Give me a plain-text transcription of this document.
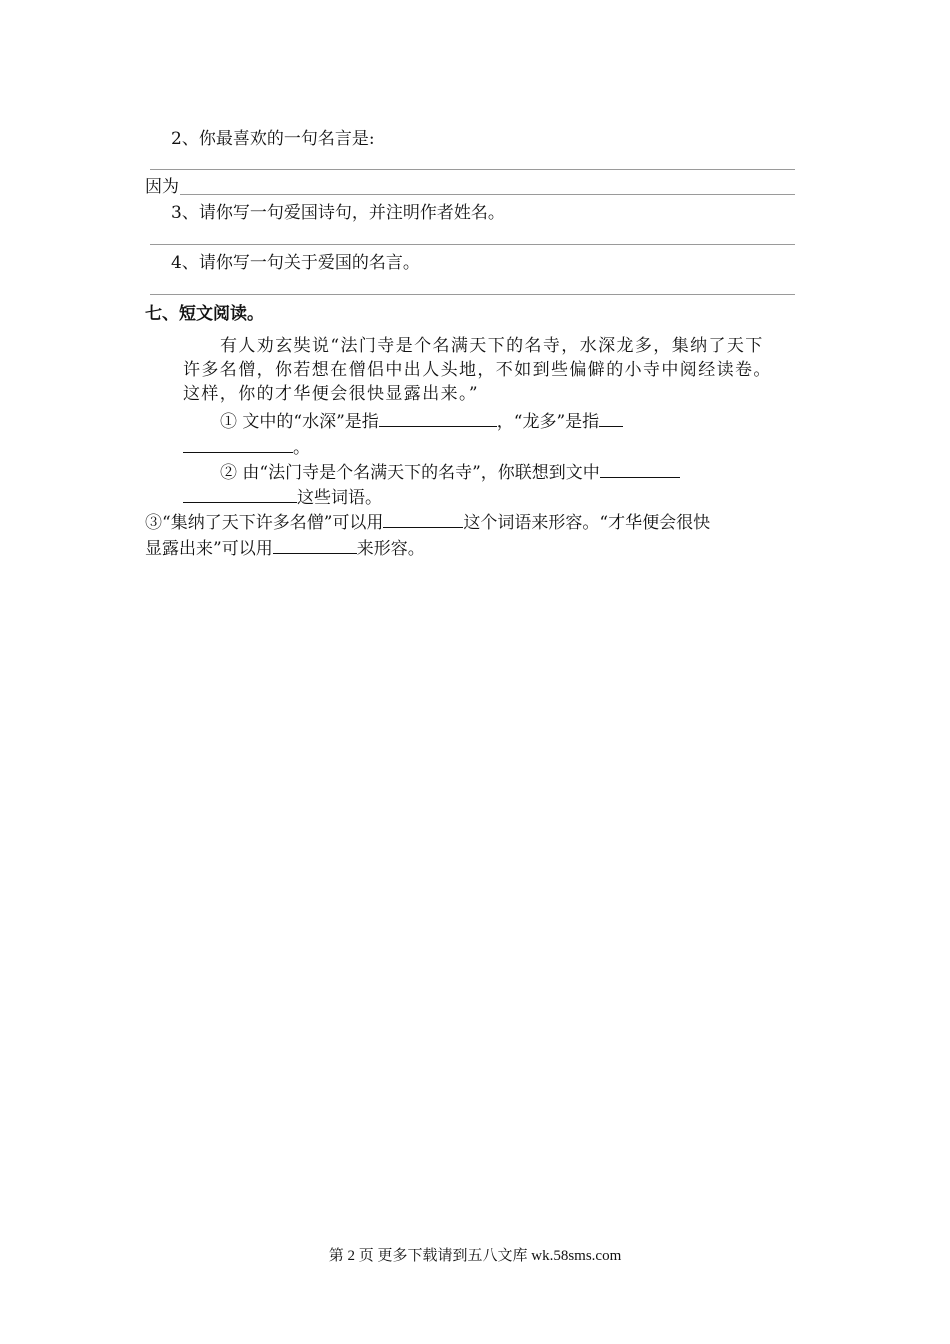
2、你最喜欢的一句名言是:
因为
3、请你写一句爱国诗句，并注明作者姓名。
4、请你写一句关于爱国的名言。
七、短文阅读。
有人劝玄奘说“法门寺是个名满天下的名寺，水深龙多，集纳了天下
许多名僧，你若想在僧侣中出人头地，不如到些偏僻的小寺中阅经读卷。
这样，你的才华便会很快显露出来。”
① 文中的“水深”是指	，“龙多”是指
。
② 由“法门寺是个名满天下的名寺”，你联想到文中
这些词语。
③“集纳了天下许多名僧”可以用	这个词语来形容。“才华便会很快
显露出来”可以用	来形容。
第 2 页 更多下载请到五八文库 wk.58sms.com
